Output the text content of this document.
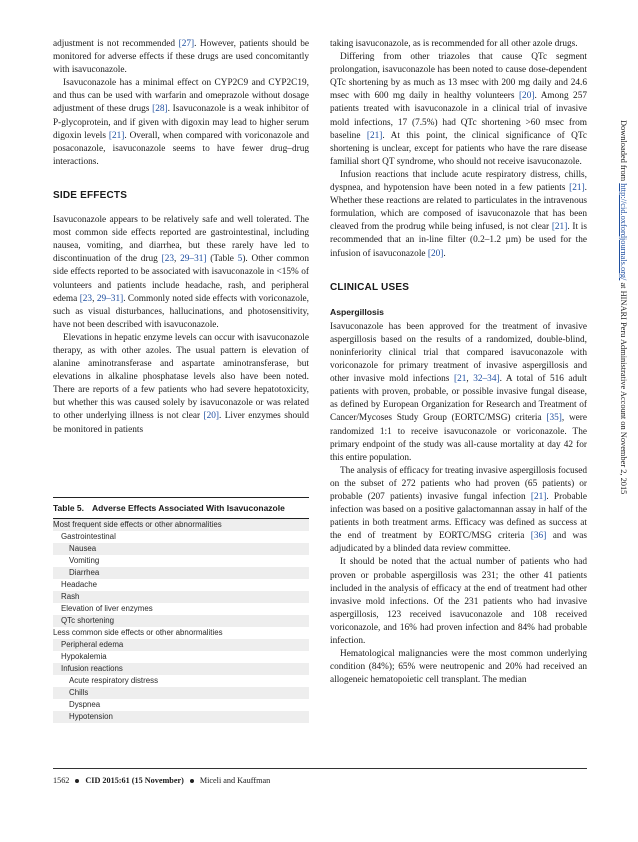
adjustment is not recommended [27]. However, patients should be monitored for adverse effects if these drugs are used concomitantly with isavuconazole.

Isavuconazole has a minimal effect on CYP2C9 and CYP2C19, and thus can be used with warfarin and omeprazole without dosage adjustment of these drugs [28]. Isavuconazole is a weak inhibitor of P-glycoprotein, and if given with digoxin may lead to higher serum digoxin levels [21]. Overall, when compared with voriconazole and posaconazole, isavuconazole seems to have fewer drug–drug interactions.

SIDE EFFECTS

Isavuconazole appears to be relatively safe and well tolerated. The most common side effects reported are gastrointestinal, including nausea, vomiting, and diarrhea, but these rarely have led to discontinuation of the drug [23, 29–31] (Table 5). Other common side effects reported to be associated with isavuconazole in <15% of volunteers and patients include headache, rash, and peripheral edema [23, 29–31]. Commonly noted side effects with voriconazole, such as visual disturbances, hallucinations, and photosensitivity, have not been described with isavuconazole.

Elevations in hepatic enzyme levels can occur with isavuconazole therapy, as with other azoles. The usual pattern is elevation of alanine aminotransferase and aspartate aminotransferase, but elevations in alkaline phosphatase levels also have been noted. There are reports of a few patients who had severe hepatotoxicity, but whether this was caused solely by isavuconazole or was related to other underlying illness is not clear [20]. Liver enzymes should be monitored in patients

Table 5. Adverse Effects Associated With Isavuconazole
Most frequent side effects or other abnormalities
Gastrointestinal
Nausea
Vomiting
Diarrhea
Headache
Rash
Elevation of liver enzymes
QTc shortening
Less common side effects or other abnormalities
Peripheral edema
Hypokalemia
Infusion reactions
Acute respiratory distress
Chills
Dyspnea
Hypotension

taking isavuconazole, as is recommended for all other azole drugs.

Differing from other triazoles that cause QTc segment prolongation, isavuconazole has been noted to cause dose-dependent QTc shortening by as much as 13 msec with 200 mg daily and 24.6 msec with 600 mg daily in healthy volunteers [20]. Among 257 patients treated with isavuconazole in a clinical trial of invasive mold infections, 17 (7.5%) had QTc shortening >60 msec from baseline [21]. At this point, the clinical significance of QTc shortening is unclear, except for patients who have the rare disease familial short QT syndrome, who should not receive isavuconazole.

Infusion reactions that include acute respiratory distress, chills, dyspnea, and hypotension have been noted in a few patients [21]. Whether these reactions are related to particulates in the intravenous formulation, which are composed of isavuconazole that has been cleaved from the prodrug while being infused, is not clear [21]. It is recommended that an in-line filter (0.2–1.2 µm) be used for the infusion of isavuconazole [20].

CLINICAL USES
Aspergillosis

Isavuconazole has been approved for the treatment of invasive aspergillosis based on the results of a randomized, double-blind, noninferiority clinical trial that compared isavuconazole with voriconazole for primary treatment of invasive aspergillosis and other invasive mold infections [21, 32–34]. A total of 516 adult patients with proven, probable, or possible invasive fungal disease, as defined by European Organization for Research and Treatment of Cancer/Mycoses Study Group (EORTC/MSG) criteria [35], were randomized 1:1 to receive isavuconazole or voriconazole. The primary endpoint of the study was all-cause mortality at day 42 for this entire population.

The analysis of efficacy for treating invasive aspergillosis focused on the subset of 272 patients who had proven (65 patients) or probable (207 patients) invasive fungal infection [21]. Probable infection was based on a positive galactomannan assay in half of the patients in both treatment arms. Efficacy was defined as success at the end of treatment by EORTC/MSG criteria [36] and was adjudicated by a blinded data review committee.

It should be noted that the actual number of patients who had proven or probable aspergillosis was 231; the other 41 patients included in the analysis of efficacy at the end of treatment had other invasive mold infections. Of the 231 patients who had invasive aspergillosis, 123 received isavuconazole and 108 received voriconazole, and 16% had proven infection and 84% had probable infection.

Hematological malignancies were the most common underlying condition (84%); 65% were neutropenic and 20% had received an allogeneic hematopoietic cell transplant. The median

Downloaded from http://cid.oxfordjournals.org/ at HINARI Peru Administrative Account on November 2, 2015
1562 CID 2015:61 (15 November) Miceli and Kauffman
